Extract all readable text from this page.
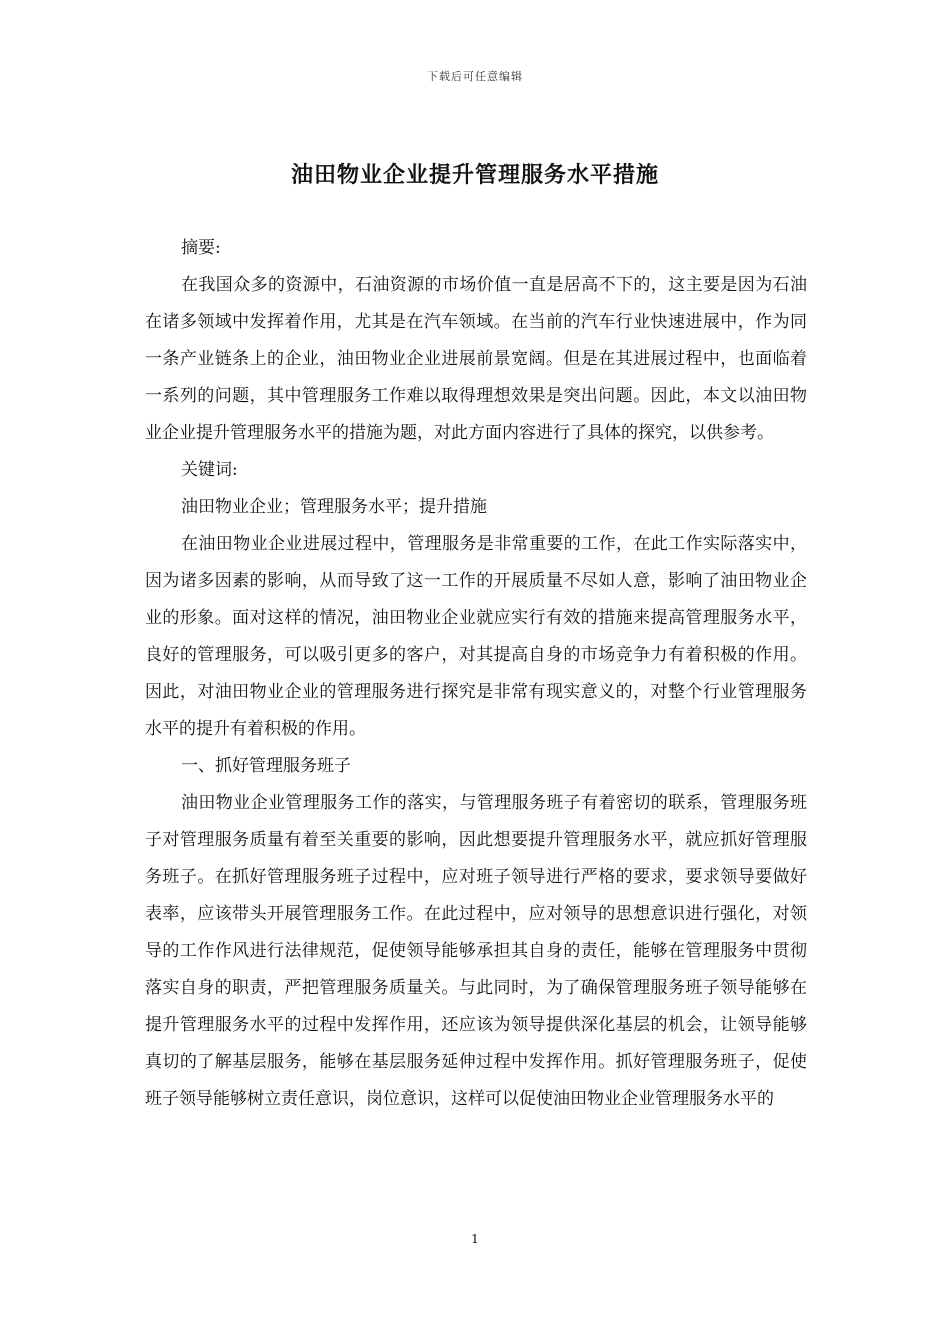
下载后可任意编辑
油田物业企业提升管理服务水平措施

摘要:

在我国众多的资源中，石油资源的市场价值一直是居高不下的，这主要是因为石油在诸多领域中发挥着作用，尤其是在汽车领域。在当前的汽车行业快速进展中，作为同一条产业链条上的企业，油田物业企业进展前景宽阔。但是在其进展过程中，也面临着一系列的问题，其中管理服务工作难以取得理想效果是突出问题。因此，本文以油田物业企业提升管理服务水平的措施为题，对此方面内容进行了具体的探究，以供参考。

关键词:

油田物业企业；管理服务水平；提升措施

在油田物业企业进展过程中，管理服务是非常重要的工作，在此工作实际落实中，因为诸多因素的影响，从而导致了这一工作的开展质量不尽如人意，影响了油田物业企业的形象。面对这样的情况，油田物业企业就应实行有效的措施来提高管理服务水平，良好的管理服务，可以吸引更多的客户，对其提高自身的市场竞争力有着积极的作用。因此，对油田物业企业的管理服务进行探究是非常有现实意义的，对整个行业管理服务水平的提升有着积极的作用。

一、抓好管理服务班子

油田物业企业管理服务工作的落实，与管理服务班子有着密切的联系，管理服务班子对管理服务质量有着至关重要的影响，因此想要提升管理服务水平，就应抓好管理服务班子。在抓好管理服务班子过程中，应对班子领导进行严格的要求，要求领导要做好表率，应该带头开展管理服务工作。在此过程中，应对领导的思想意识进行强化，对领导的工作作风进行法律规范，促使领导能够承担其自身的责任，能够在管理服务中贯彻落实自身的职责，严把管理服务质量关。与此同时，为了确保管理服务班子领导能够在提升管理服务水平的过程中发挥作用，还应该为领导提供深化基层的机会，让领导能够真切的了解基层服务，能够在基层服务延伸过程中发挥作用。抓好管理服务班子，促使班子领导能够树立责任意识，岗位意识，这样可以促使油田物业企业管理服务水平的

1
